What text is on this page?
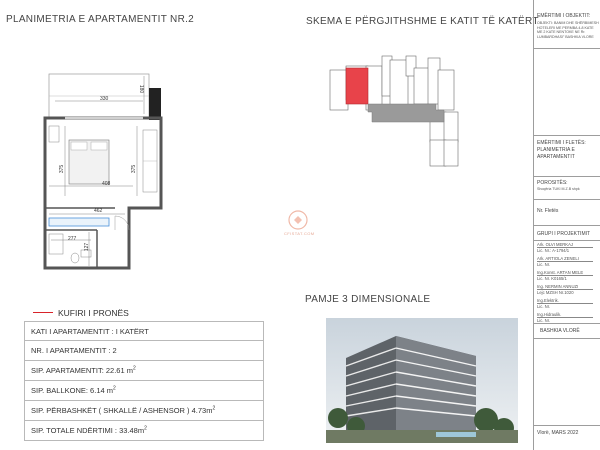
PLANIMETRIA E APARTAMENTIT NR.2
330
180
375	375
408
462
277
127
SKEMA E PËRGJITHSHME E KATIT TË KATËRT
CFISTAT.COM
KUFIRI I PRONËS
KATI I APARTAMENTIT : I KATËRT
NR. I APARTAMENTIT : 2
SIP. APARTAMENTIT: 22.61 $m^2$
SIP. BALLKONE: 6.14 $m^2$
SIP. PËRBASHKËT ( SHKALLË / ASHENSOR ) $4.73m^2$
SIP. TOTALE NDËRTIMI : $33.48m^2$
PAMJE 3 DIMENSIONALE
EMËRTIMI I OBJEKTIT:
OBJEKTI: BANIM DHE SHËRBIMESH
HOTELERI ME PERMBA 4-8 KATE
ME 2 KATE NENTOKE NE Rr.
LUMBARDHASI" BASHKIA VLORE
EMËRTIMI I FLETËS:
PLANIMETRIA E
APARTAMENTIT
POROSITËS:
Shoqëria TUKI M.Z.B shpk
Nr. Fletës
GRUPI I PROJEKTIMIT
Ark. OLVI MERKAJ
Lic. Nr.: A-1794/1
Ark. ARTIOLA ZENELI
Lic. Nr.
Ing.Konst. ARTAN MELE
Lic. Nr. K0165/1
Ing. NERMIN ANNUZI
Lejc MZSH Nr.1020
Ing.Elektrik.
Lic. Nr.
Ing.Hidraulik.
Lic. Nr.
BASHKIA VLORË
Vlorë, MARS 2022
